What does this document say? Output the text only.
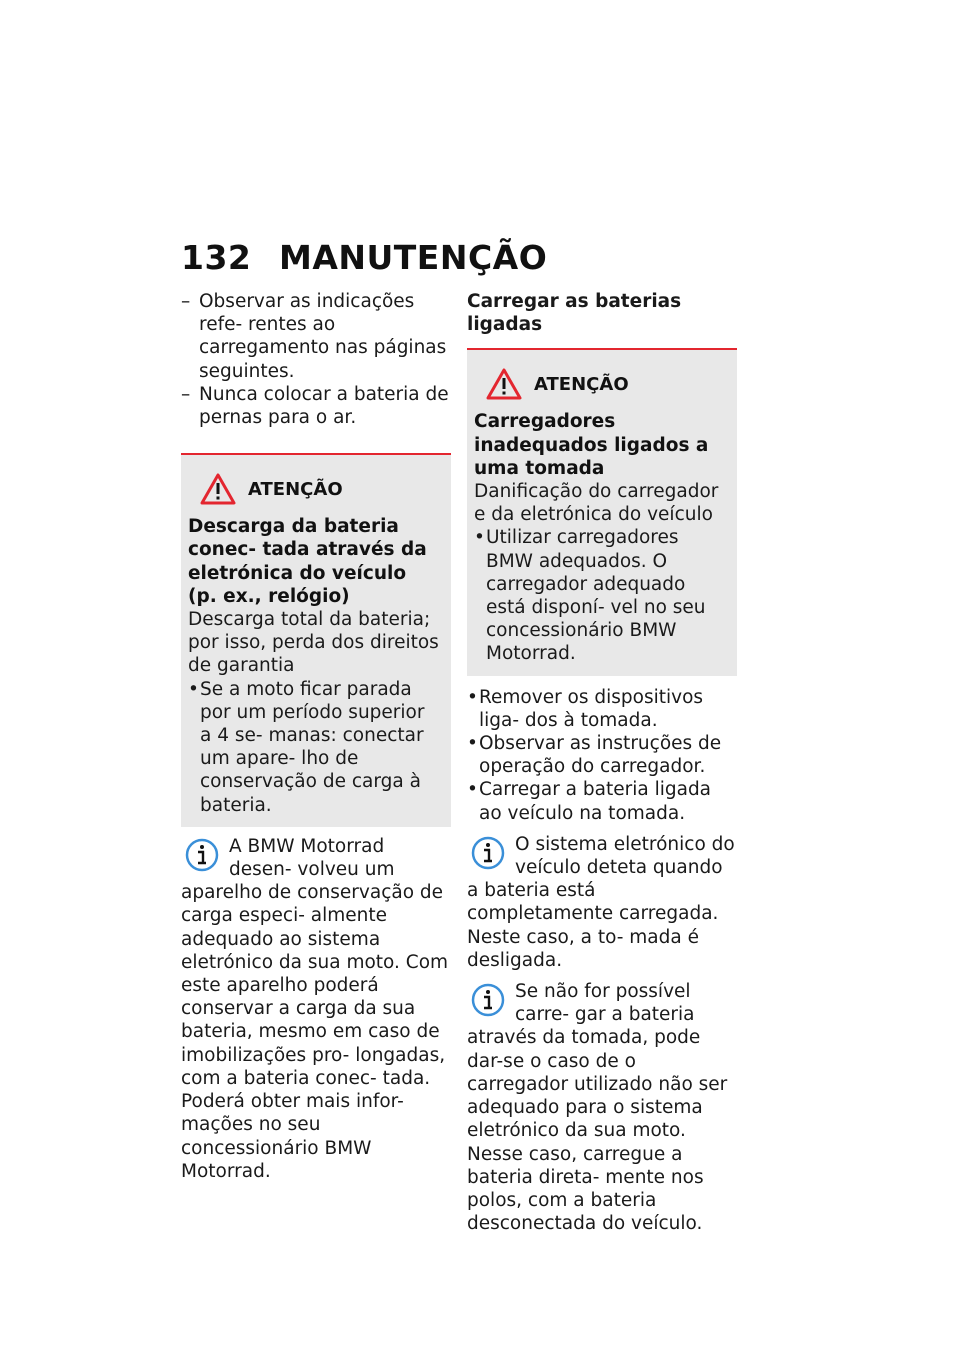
132 MANUTENÇÃO
– Observar as indicações refe- rentes ao carregamento nas páginas seguintes.
– Nunca colocar a bateria de pernas para o ar.
ATENÇÃO
Descarga da bateria conec- tada através da eletrónica do veículo (p. ex., relógio)
Descarga total da bateria; por isso, perda dos direitos de garantia
• Se a moto ficar parada por um período superior a 4 se- manas: conectar um apare- lho de conservação de carga à bateria.
A BMW Motorrad desen- volveu um aparelho de conservação de carga especi- almente adequado ao sistema eletrónico da sua moto. Com este aparelho poderá conservar a carga da sua bateria, mesmo em caso de imobilizações pro- longadas, com a bateria conec- tada. Poderá obter mais infor- mações no seu concessionário BMW Motorrad.
Carregar as baterias ligadas
ATENÇÃO
Carregadores inadequados ligados a uma tomada
Danificação do carregador e da eletrónica do veículo
• Utilizar carregadores BMW adequados. O carregador adequado está disponí- vel no seu concessionário BMW Motorrad.
• Remover os dispositivos liga- dos à tomada.
• Observar as instruções de operação do carregador.
• Carregar a bateria ligada ao veículo na tomada.
O sistema eletrónico do veículo deteta quando a bateria está completamente carregada. Neste caso, a to- mada é desligada.
Se não for possível carre- gar a bateria através da tomada, pode dar-se o caso de o carregador utilizado não ser adequado para o sistema eletrónico da sua moto. Nesse caso, carregue a bateria direta- mente nos polos, com a bateria desconectada do veículo.
